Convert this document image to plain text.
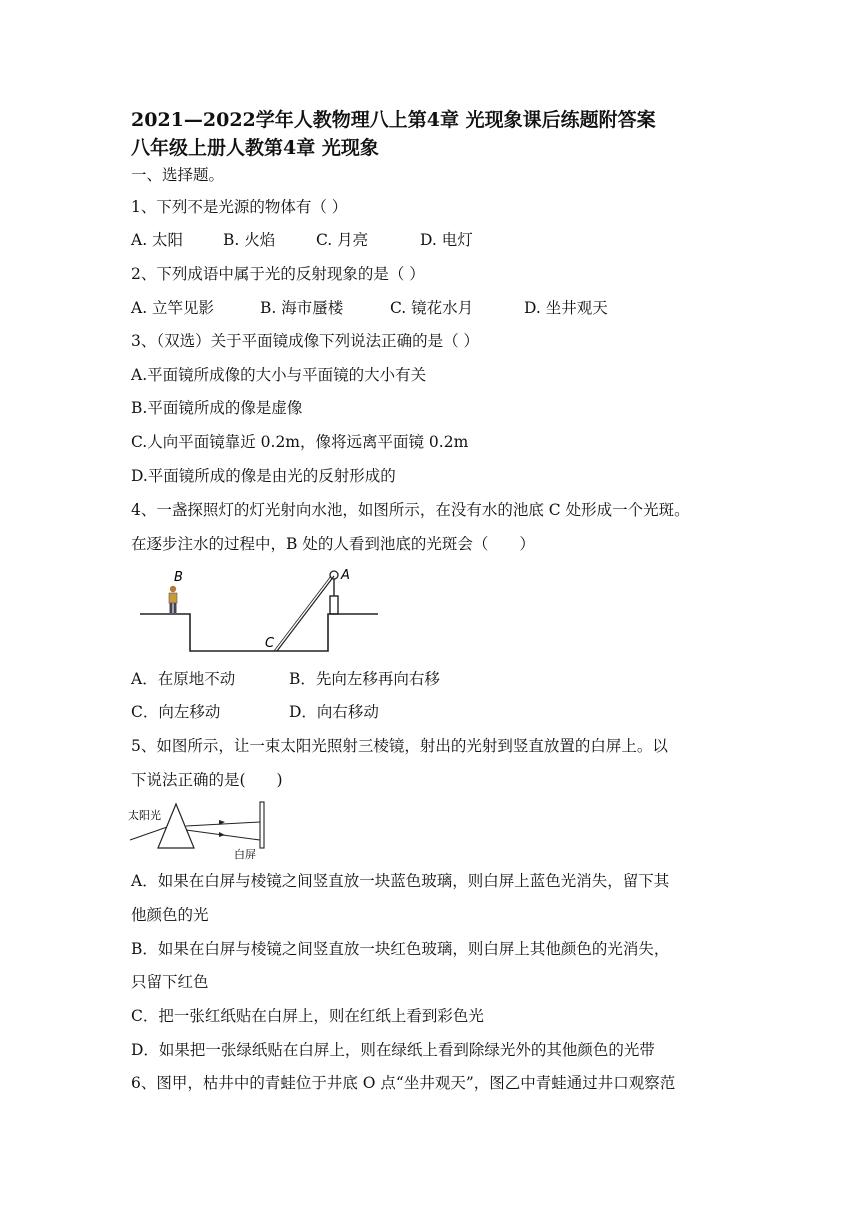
2021—2022学年人教物理八上第4章 光现象课后练题附答案
八年级上册人教第4章 光现象
一、选择题。
1、下列不是光源的物体有（ ）
A. 太阳	B. 火焰	C. 月亮	D. 电灯
2、下列成语中属于光的反射现象的是（ ）
A. 立竿见影	B. 海市蜃楼	C. 镜花水月	D. 坐井观天
3、（双选）关于平面镜成像下列说法正确的是（ ）
A.平面镜所成像的大小与平面镜的大小有关
B.平面镜所成的像是虚像
C.人向平面镜靠近 0.2m，像将远离平面镜 0.2m
D.平面镜所成的像是由光的反射形成的
4、一盏探照灯的灯光射向水池，如图所示，在没有水的池底 C 处形成一个光斑。
在逐步注水的过程中，B 处的人看到池底的光斑会（　　）
B	A
C
A．在原地不动	B．先向左移再向右移
C．向左移动	D．向右移动
5、如图所示，让一束太阳光照射三棱镜，射出的光射到竖直放置的白屏上。以
下说法正确的是(　　)
太阳光
白屏
A．如果在白屏与棱镜之间竖直放一块蓝色玻璃，则白屏上蓝色光消失，留下其
他颜色的光
B．如果在白屏与棱镜之间竖直放一块红色玻璃，则白屏上其他颜色的光消失，
只留下红色
C．把一张红纸贴在白屏上，则在红纸上看到彩色光
D．如果把一张绿纸贴在白屏上，则在绿纸上看到除绿光外的其他颜色的光带
6、图甲，枯井中的青蛙位于井底 O 点“坐井观天”，图乙中青蛙通过井口观察范
